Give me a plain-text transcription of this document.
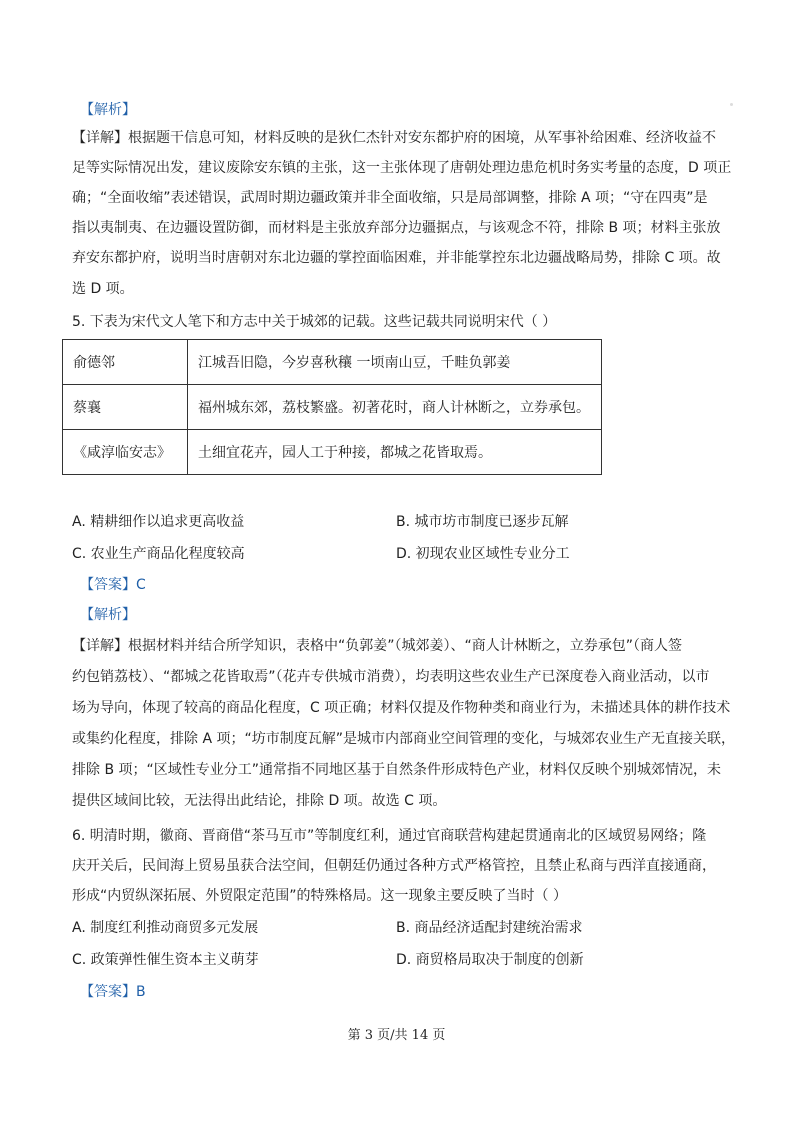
【解析】
【详解】根据题干信息可知，材料反映的是狄仁杰针对安东都护府的困境，从军事补给困难、经济收益不
足等实际情况出发，建议废除安东镇的主张，这一主张体现了唐朝处理边患危机时务实考量的态度，D 项正
确；“全面收缩”表述错误，武周时期边疆政策并非全面收缩，只是局部调整，排除 A 项；“守在四夷”是
指以夷制夷、在边疆设置防御，而材料是主张放弃部分边疆据点，与该观念不符，排除 B 项；材料主张放
弃安东都护府，说明当时唐朝对东北边疆的掌控面临困难，并非能掌控东北边疆战略局势，排除 C 项。故
选 D 项。
5. 下表为宋代文人笔下和方志中关于城郊的记载。这些记载共同说明宋代（ ）
俞德邻	江城吾旧隐，今岁喜秋穰 一顷南山豆，千畦负郭姜
蔡襄	福州城东郊，荔枝繁盛。初著花时，商人计林断之，立券承包。
《咸淳临安志》	土细宜花卉，园人工于种接，都城之花皆取焉。
A. 精耕细作以追求更高收益	B. 城市坊市制度已逐步瓦解
C. 农业生产商品化程度较高	D. 初现农业区域性专业分工
【答案】C
【解析】
【详解】根据材料并结合所学知识，表格中“负郭姜”（城郊姜）、“商人计林断之，立券承包”（商人签
约包销荔枝）、“都城之花皆取焉”（花卉专供城市消费），均表明这些农业生产已深度卷入商业活动，以市
场为导向，体现了较高的商品化程度，C 项正确；材料仅提及作物种类和商业行为，未描述具体的耕作技术
或集约化程度，排除 A 项；“坊市制度瓦解”是城市内部商业空间管理的变化，与城郊农业生产无直接关联，
排除 B 项；“区域性专业分工”通常指不同地区基于自然条件形成特色产业，材料仅反映个别城郊情况，未
提供区域间比较，无法得出此结论，排除 D 项。故选 C 项。
6. 明清时期，徽商、晋商借“茶马互市”等制度红利，通过官商联营构建起贯通南北的区域贸易网络；隆
庆开关后，民间海上贸易虽获合法空间，但朝廷仍通过各种方式严格管控，且禁止私商与西洋直接通商，
形成“内贸纵深拓展、外贸限定范围”的特殊格局。这一现象主要反映了当时（ ）
A. 制度红利推动商贸多元发展	B. 商品经济适配封建统治需求
C. 政策弹性催生资本主义萌芽	D. 商贸格局取决于制度的创新
【答案】B
第 3 页/共 14 页
